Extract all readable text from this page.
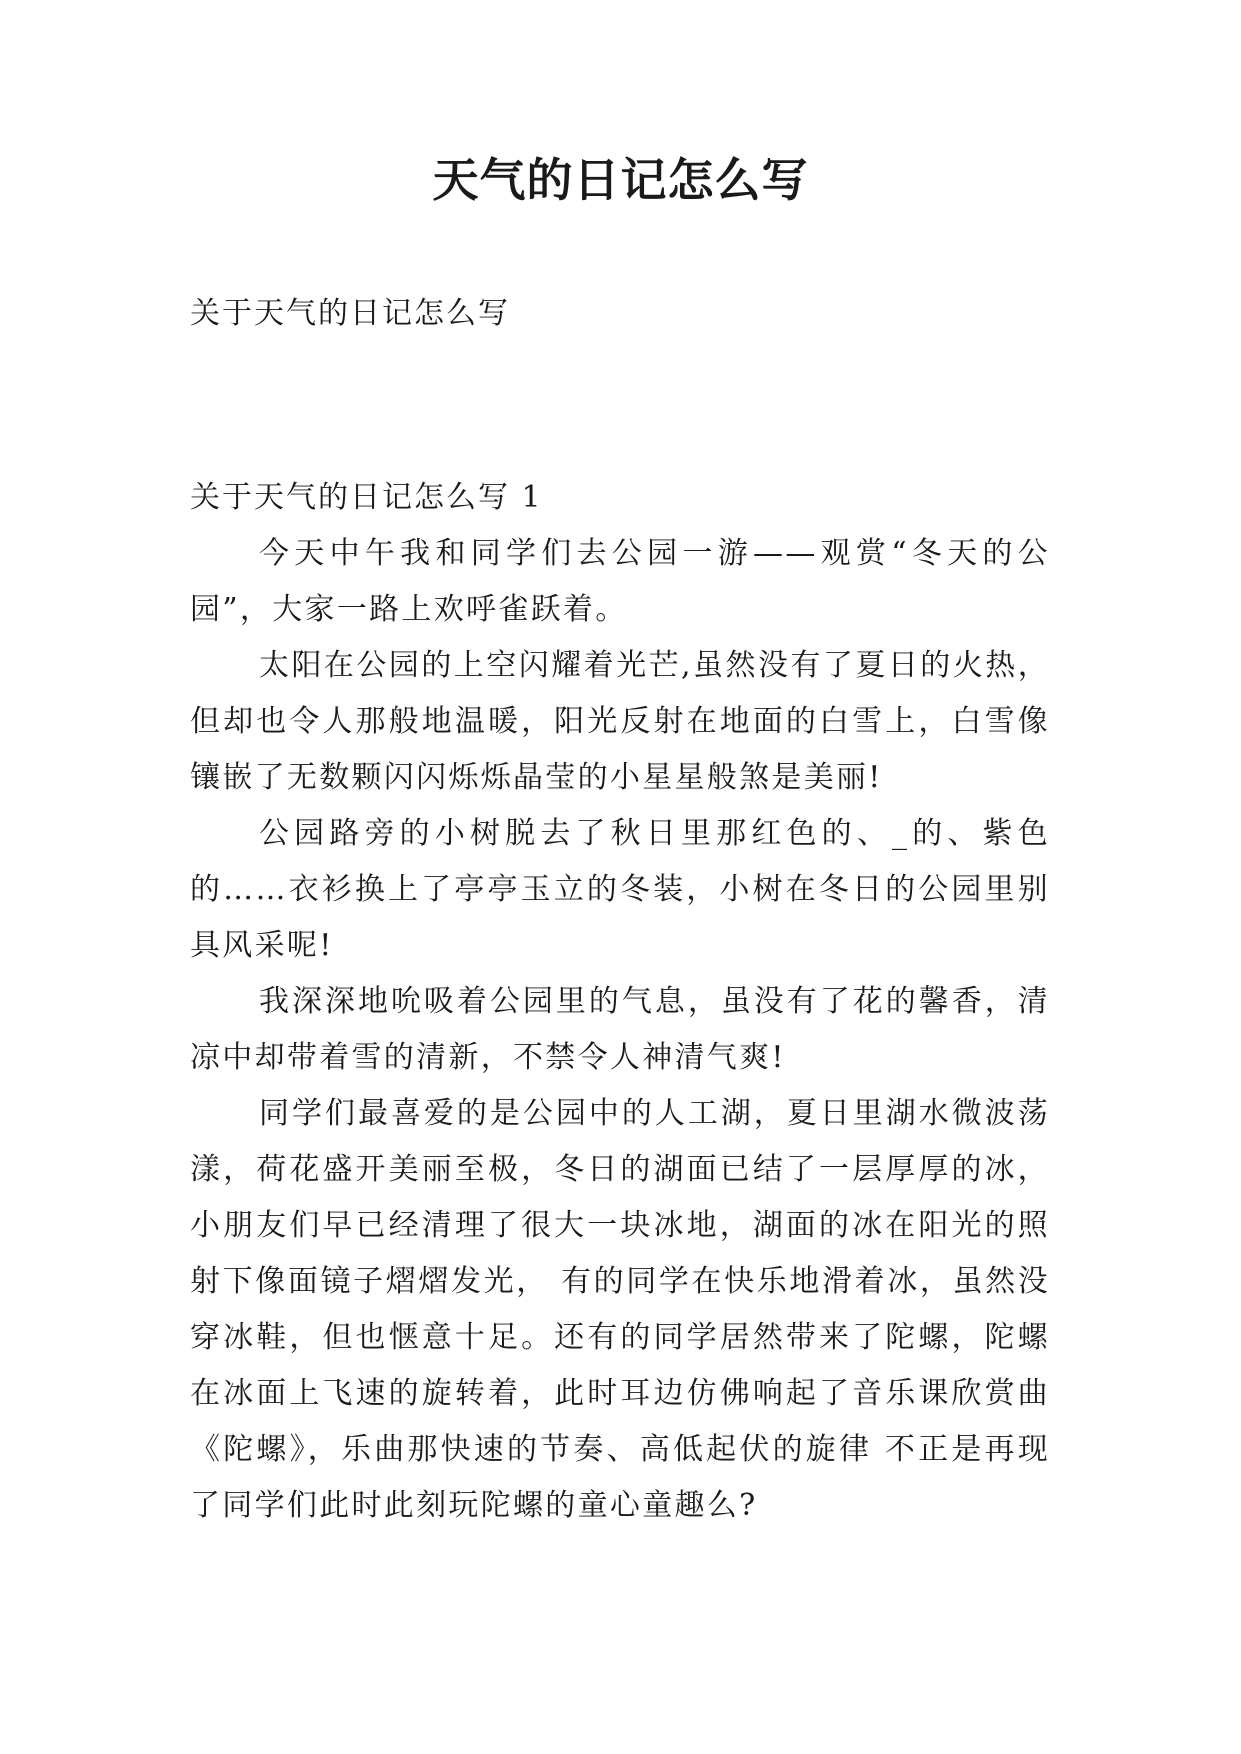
天气的日记怎么写

关于天气的日记怎么写

关于天气的日记怎么写 1

今天中午我和同学们去公园一游——观赏“冬天的公园”，大家一路上欢呼雀跃着。

太阳在公园的上空闪耀着光芒,虽然没有了夏日的火热，但却也令人那般地温暖，阳光反射在地面的白雪上，白雪像镶嵌了无数颗闪闪烁烁晶莹的小星星般煞是美丽!

公园路旁的小树脱去了秋日里那红色的、_的、紫色的……衣衫换上了亭亭玉立的冬装，小树在冬日的公园里别具风采呢!

我深深地吮吸着公园里的气息，虽没有了花的馨香，清凉中却带着雪的清新，不禁令人神清气爽!

同学们最喜爱的是公园中的人工湖，夏日里湖水微波荡漾，荷花盛开美丽至极，冬日的湖面已结了一层厚厚的冰，小朋友们早已经清理了很大一块冰地，湖面的冰在阳光的照射下像面镜子熠熠发光， 有的同学在快乐地滑着冰，虽然没穿冰鞋，但也惬意十足。还有的同学居然带来了陀螺，陀螺在冰面上飞速的旋转着，此时耳边仿佛响起了音乐课欣赏曲《陀螺》，乐曲那快速的节奏、高低起伏的旋律 不正是再现了同学们此时此刻玩陀螺的童心童趣么?
